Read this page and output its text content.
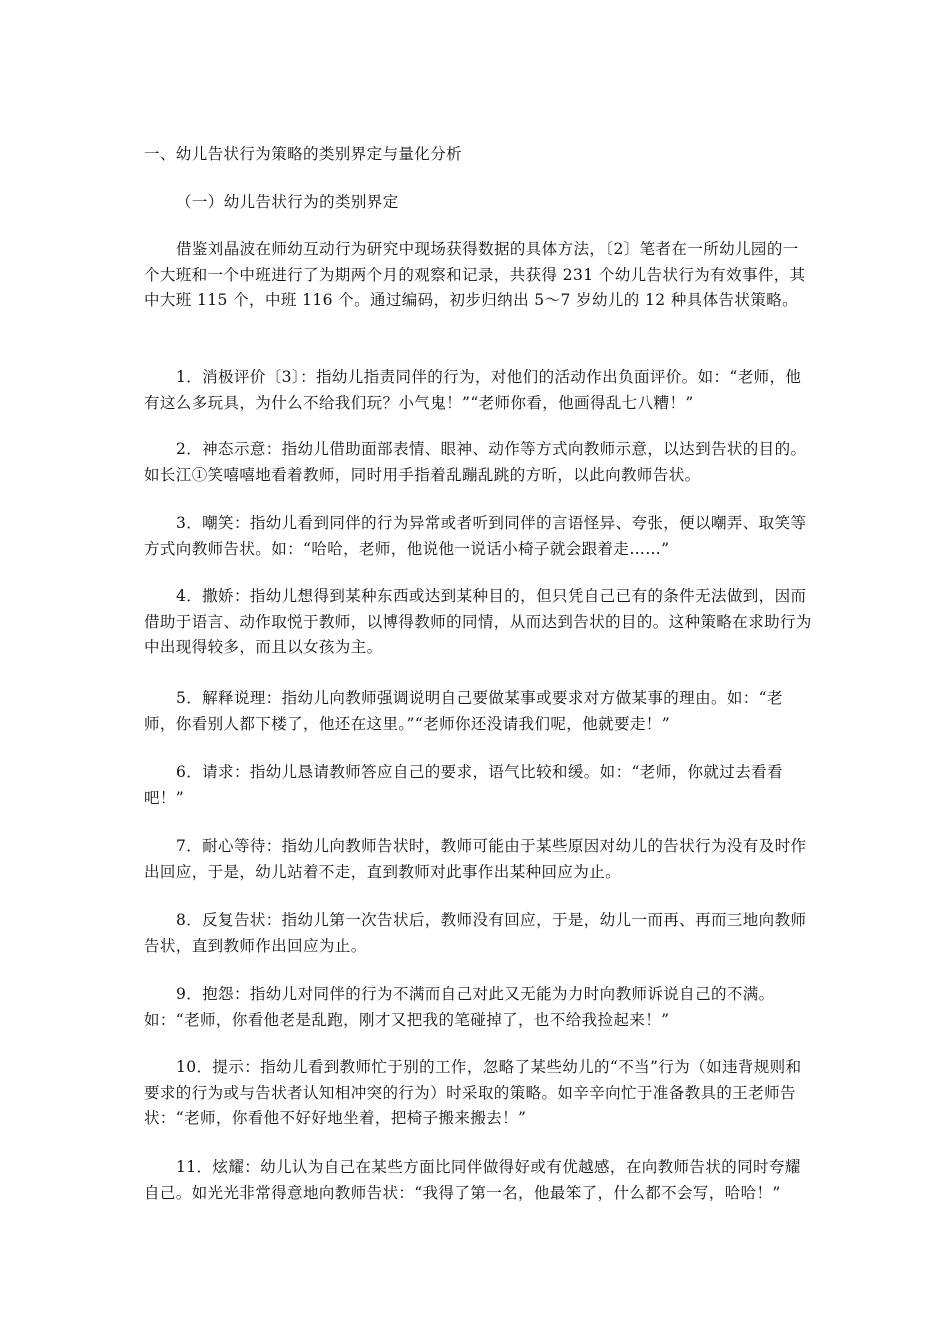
一、幼儿告状行为策略的类别界定与量化分析

（一）幼儿告状行为的类别界定

借鉴刘晶波在师幼互动行为研究中现场获得数据的具体方法，〔2〕笔者在一所幼儿园的一个大班和一个中班进行了为期两个月的观察和记录，共获得 231 个幼儿告状行为有效事件，其中大班 115 个，中班 116 个。通过编码，初步归纳出 5～7 岁幼儿的 12 种具体告状策略。

1．消极评价〔3〕：指幼儿指责同伴的行为，对他们的活动作出负面评价。如：“老师，他有这么多玩具，为什么不给我们玩？小气鬼！”“老师你看，他画得乱七八糟！”

2．神态示意：指幼儿借助面部表情、眼神、动作等方式向教师示意，以达到告状的目的。如长江①笑嘻嘻地看着教师，同时用手指着乱蹦乱跳的方昕，以此向教师告状。

3．嘲笑：指幼儿看到同伴的行为异常或者听到同伴的言语怪异、夸张，便以嘲弄、取笑等方式向教师告状。如：“哈哈，老师，他说他一说话小椅子就会跟着走……”

4．撒娇：指幼儿想得到某种东西或达到某种目的，但只凭自己已有的条件无法做到，因而借助于语言、动作取悦于教师，以博得教师的同情，从而达到告状的目的。这种策略在求助行为中出现得较多，而且以女孩为主。

5．解释说理：指幼儿向教师强调说明自己要做某事或要求对方做某事的理由。如：“老师，你看别人都下楼了，他还在这里。”“老师你还没请我们呢，他就要走！”

6．请求：指幼儿恳请教师答应自己的要求，语气比较和缓。如：“老师，你就过去看看吧！”

7．耐心等待：指幼儿向教师告状时，教师可能由于某些原因对幼儿的告状行为没有及时作出回应，于是，幼儿站着不走，直到教师对此事作出某种回应为止。

8．反复告状：指幼儿第一次告状后，教师没有回应，于是，幼儿一而再、再而三地向教师告状，直到教师作出回应为止。

9．抱怨：指幼儿对同伴的行为不满而自己对此又无能为力时向教师诉说自己的不满。如：“老师，你看他老是乱跑，刚才又把我的笔碰掉了，也不给我捡起来！”

10．提示：指幼儿看到教师忙于别的工作，忽略了某些幼儿的“不当”行为（如违背规则和要求的行为或与告状者认知相冲突的行为）时采取的策略。如辛辛向忙于准备教具的王老师告状：“老师，你看他不好好地坐着，把椅子搬来搬去！”

11．炫耀：幼儿认为自己在某些方面比同伴做得好或有优越感，在向教师告状的同时夸耀自己。如光光非常得意地向教师告状：“我得了第一名，他最笨了，什么都不会写，哈哈！”
